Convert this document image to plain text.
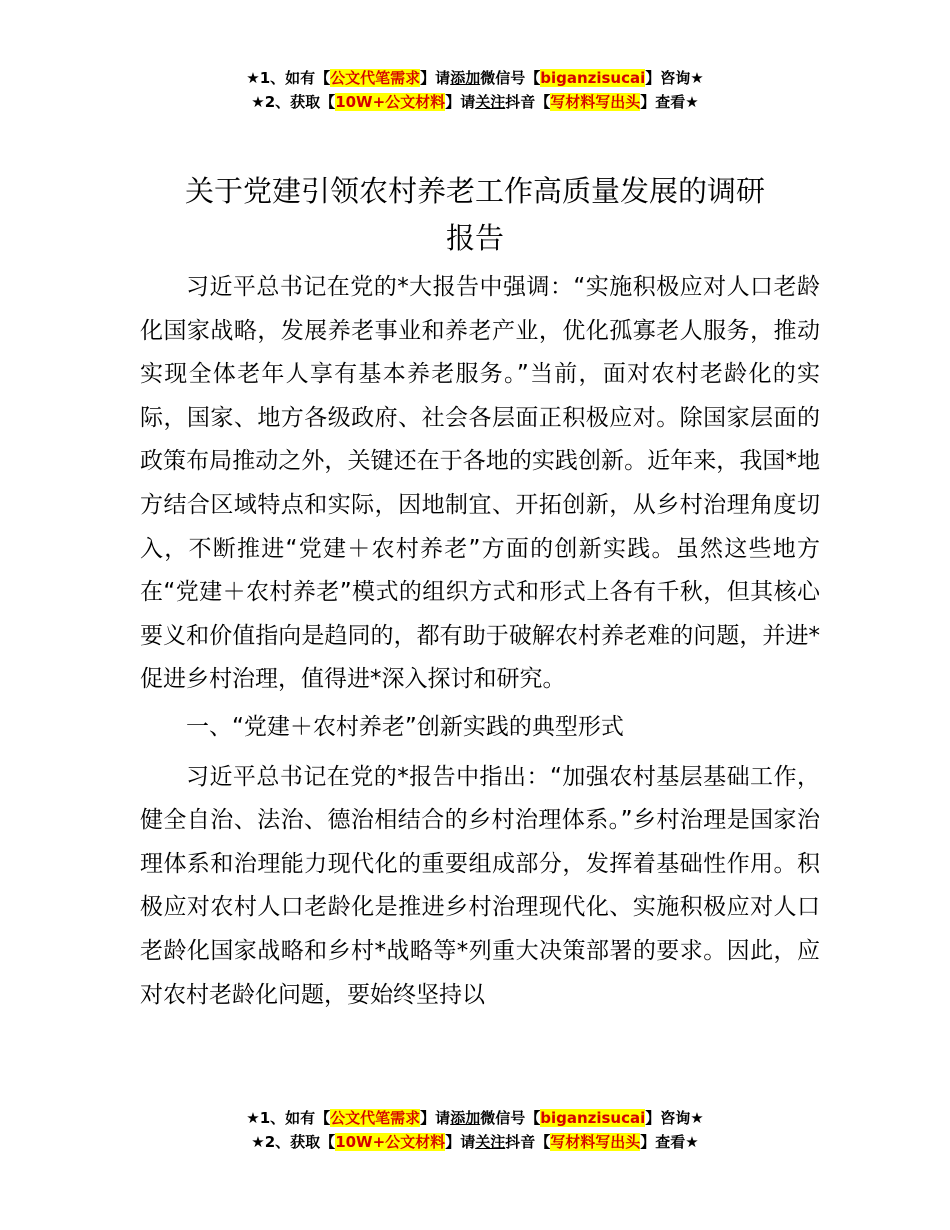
★1、如有【公文代笔需求】请添加微信号【biganzisucai】咨询★
★2、获取【10W+公文材料】请关注抖音【写材料写出头】查看★
关于党建引领农村养老工作高质量发展的调研
报告

习近平总书记在党的*大报告中强调：“实施积极应对人口老龄化国家战略，发展养老事业和养老产业，优化孤寡老人服务，推动实现全体老年人享有基本养老服务。”当前，面对农村老龄化的实际，国家、地方各级政府、社会各层面正积极应对。除国家层面的政策布局推动之外，关键还在于各地的实践创新。近年来，我国*地方结合区域特点和实际，因地制宜、开拓创新，从乡村治理角度切入，不断推进“党建＋农村养老”方面的创新实践。虽然这些地方在“党建＋农村养老”模式的组织方式和形式上各有千秋，但其核心要义和价值指向是趋同的，都有助于破解农村养老难的问题，并进*促进乡村治理，值得进*深入探讨和研究。

一、“党建＋农村养老”创新实践的典型形式

习近平总书记在党的*报告中指出：“加强农村基层基础工作，健全自治、法治、德治相结合的乡村治理体系。”乡村治理是国家治理体系和治理能力现代化的重要组成部分，发挥着基础性作用。积极应对农村人口老龄化是推进乡村治理现代化、实施积极应对人口老龄化国家战略和乡村*战略等*列重大决策部署的要求。因此，应对农村老龄化问题，要始终坚持以

★1、如有【公文代笔需求】请添加微信号【biganzisucai】咨询★
★2、获取【10W+公文材料】请关注抖音【写材料写出头】查看★
